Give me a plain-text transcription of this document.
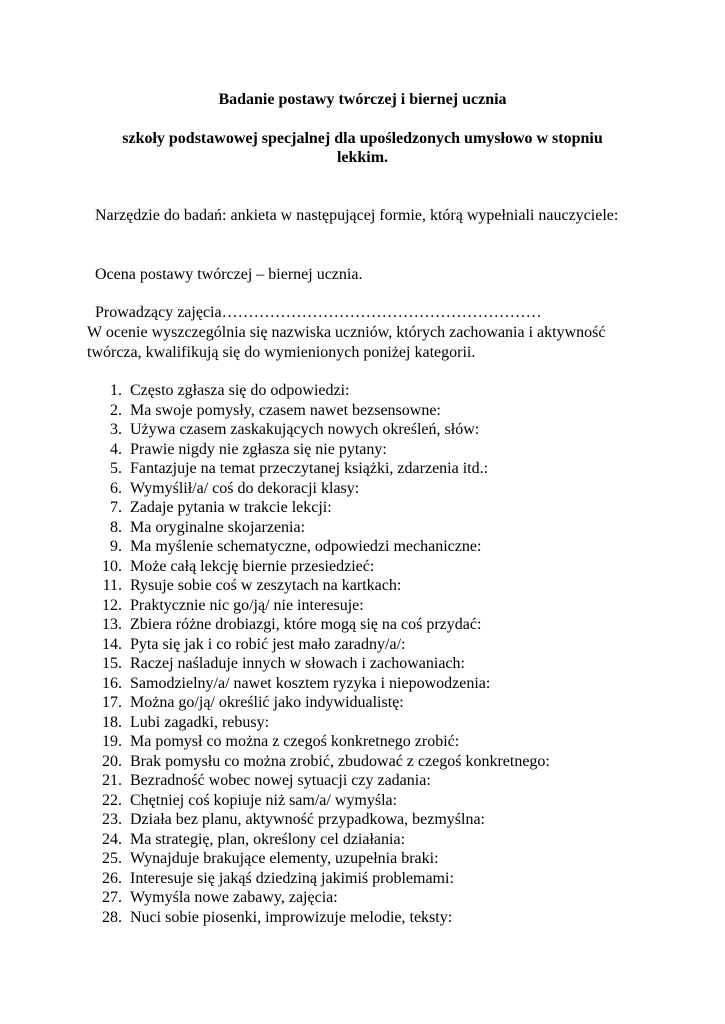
Badanie postawy twórczej i biernej ucznia
szkoły podstawowej specjalnej dla upośledzonych umysłowo w stopniu lekkim.
Narzędzie do badań: ankieta w następującej formie, którą wypełniali nauczyciele:
Ocena postawy twórczej – biernej ucznia.
Prowadzący zajęcia……………………………………………………
W ocenie wyszczególnia się nazwiska uczniów, których zachowania i aktywność twórcza, kwalifikują się do wymienionych poniżej kategorii.
1. Często zgłasza się do odpowiedzi:
2. Ma swoje pomysły, czasem nawet bezsensowne:
3. Używa czasem zaskakujących nowych określeń, słów:
4. Prawie nigdy nie zgłasza się nie pytany:
5. Fantazjuje na temat przeczytanej książki, zdarzenia itd.:
6. Wymyślił/a/ coś do dekoracji klasy:
7. Zadaje pytania w trakcie lekcji:
8. Ma oryginalne skojarzenia:
9. Ma myślenie schematyczne, odpowiedzi mechaniczne:
10. Może całą lekcję biernie przesiedzieć:
11. Rysuje sobie coś w zeszytach na kartkach:
12. Praktycznie nic go/ją/ nie interesuje:
13. Zbiera różne drobiazgi, które mogą się na coś przydać:
14. Pyta się jak i co robić jest mało zaradny/a/:
15. Raczej naśladuje innych w słowach i zachowaniach:
16. Samodzielny/a/ nawet kosztem ryzyka i niepowodzenia:
17. Można go/ją/ określić jako indywidualistę:
18. Lubi zagadki, rebusy:
19. Ma pomysł co można z czegoś konkretnego zrobić:
20. Brak pomysłu co można zrobić, zbudować z czegoś konkretnego:
21. Bezradność wobec nowej sytuacji czy zadania:
22. Chętniej coś kopiuje niż sam/a/ wymyśla:
23. Działa bez planu, aktywność przypadkowa, bezmyślna:
24. Ma strategię, plan, określony cel działania:
25. Wynajduje brakujące elementy, uzupełnia braki:
26. Interesuje się jakąś dziedziną jakimiś problemami:
27. Wymyśla nowe zabawy, zajęcia:
28. Nuci sobie piosenki, improwizuje melodie, teksty:
